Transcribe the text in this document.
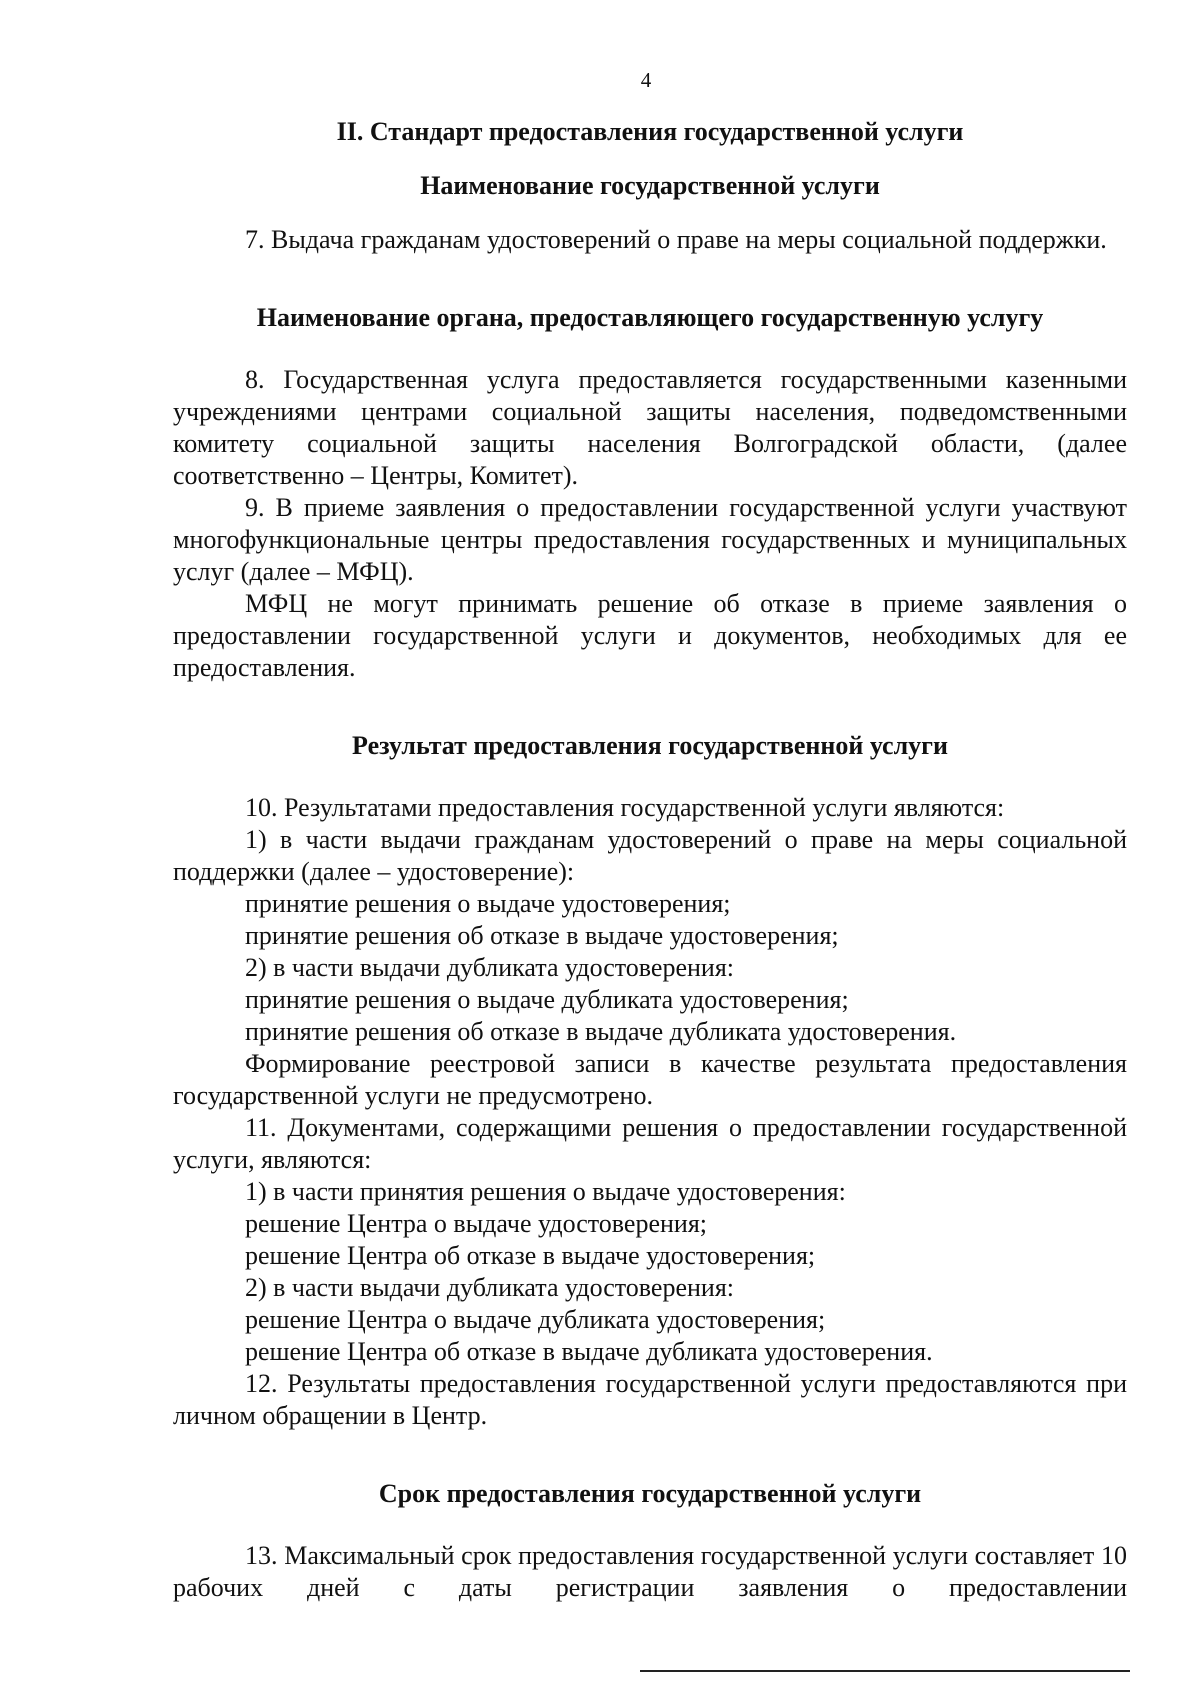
4

II. Стандарт предоставления государственной услуги

Наименование государственной услуги

7. Выдача гражданам удостоверений о праве на меры социальной поддержки.

Наименование органа, предоставляющего государственную услугу

8. Государственная услуга предоставляется государственными казенными учреждениями центрами социальной защиты населения, подведомственными комитету социальной защиты населения Волгоградской области, (далее соответственно – Центры, Комитет).

9. В приеме заявления о предоставлении государственной услуги участвуют многофункциональные центры предоставления государственных и муниципальных услуг (далее – МФЦ).

МФЦ не могут принимать решение об отказе в приеме заявления о предоставлении государственной услуги и документов, необходимых для ее предоставления.

Результат предоставления государственной услуги

10. Результатами предоставления государственной услуги являются:

1) в части выдачи гражданам удостоверений о праве на меры социальной поддержки (далее – удостоверение):

принятие решения о выдаче удостоверения;

принятие решения об отказе в выдаче удостоверения;

2) в части выдачи дубликата удостоверения:

принятие решения о выдаче дубликата удостоверения;

принятие решения об отказе в выдаче дубликата удостоверения.

Формирование реестровой записи в качестве результата предоставления государственной услуги не предусмотрено.

11. Документами, содержащими решения о предоставлении государственной услуги, являются:

1) в части принятия решения о выдаче удостоверения:

решение Центра о выдаче удостоверения;

решение Центра об отказе в выдаче удостоверения;

2) в части выдачи дубликата удостоверения:

решение Центра о выдаче дубликата удостоверения;

решение Центра об отказе в выдаче дубликата удостоверения.

12. Результаты предоставления государственной услуги предоставляются при личном обращении в Центр.

Срок предоставления государственной услуги

13. Максимальный срок предоставления государственной услуги составляет 10 рабочих дней с даты регистрации заявления о предоставлении
